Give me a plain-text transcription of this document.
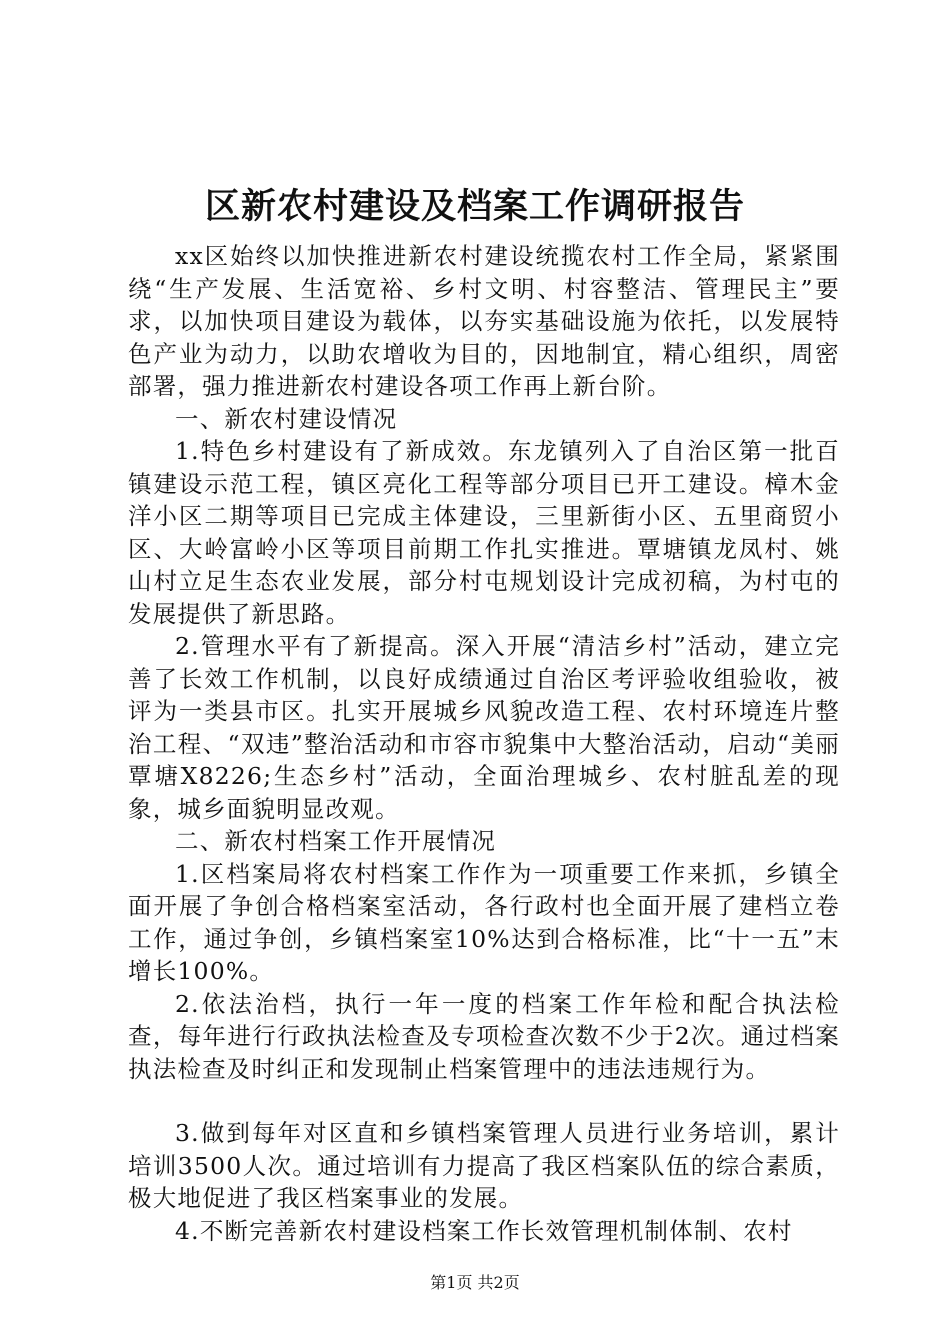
区新农村建设及档案工作调研报告

xx区始终以加快推进新农村建设统揽农村工作全局，紧紧围绕“生产发展、生活宽裕、乡村文明、村容整洁、管理民主”要求，以加快项目建设为载体，以夯实基础设施为依托，以发展特色产业为动力，以助农增收为目的，因地制宜，精心组织，周密部署，强力推进新农村建设各项工作再上新台阶。

一、新农村建设情况

1.特色乡村建设有了新成效。东龙镇列入了自治区第一批百镇建设示范工程，镇区亮化工程等部分项目已开工建设。樟木金洋小区二期等项目已完成主体建设，三里新街小区、五里商贸小区、大岭富岭小区等项目前期工作扎实推进。覃塘镇龙凤村、姚山村立足生态农业发展，部分村屯规划设计完成初稿，为村屯的发展提供了新思路。

2.管理水平有了新提高。深入开展“清洁乡村”活动，建立完善了长效工作机制，以良好成绩通过自治区考评验收组验收，被评为一类县市区。扎实开展城乡风貌改造工程、农村环境连片整治工程、“双违”整治活动和市容市貌集中大整治活动，启动“美丽覃塘X8226;生态乡村”活动，全面治理城乡、农村脏乱差的现象，城乡面貌明显改观。

二、新农村档案工作开展情况

1.区档案局将农村档案工作作为一项重要工作来抓，乡镇全面开展了争创合格档案室活动，各行政村也全面开展了建档立卷工作，通过争创，乡镇档案室10%达到合格标准，比“十一五”末增长100%。

2.依法治档，执行一年一度的档案工作年检和配合执法检查，每年进行行政执法检查及专项检查次数不少于2次。通过档案执法检查及时纠正和发现制止档案管理中的违法违规行为。

3.做到每年对区直和乡镇档案管理人员进行业务培训，累计培训3500人次。通过培训有力提高了我区档案队伍的综合素质，极大地促进了我区档案事业的发展。

4.不断完善新农村建设档案工作长效管理机制体制、农村

第1页 共2页
